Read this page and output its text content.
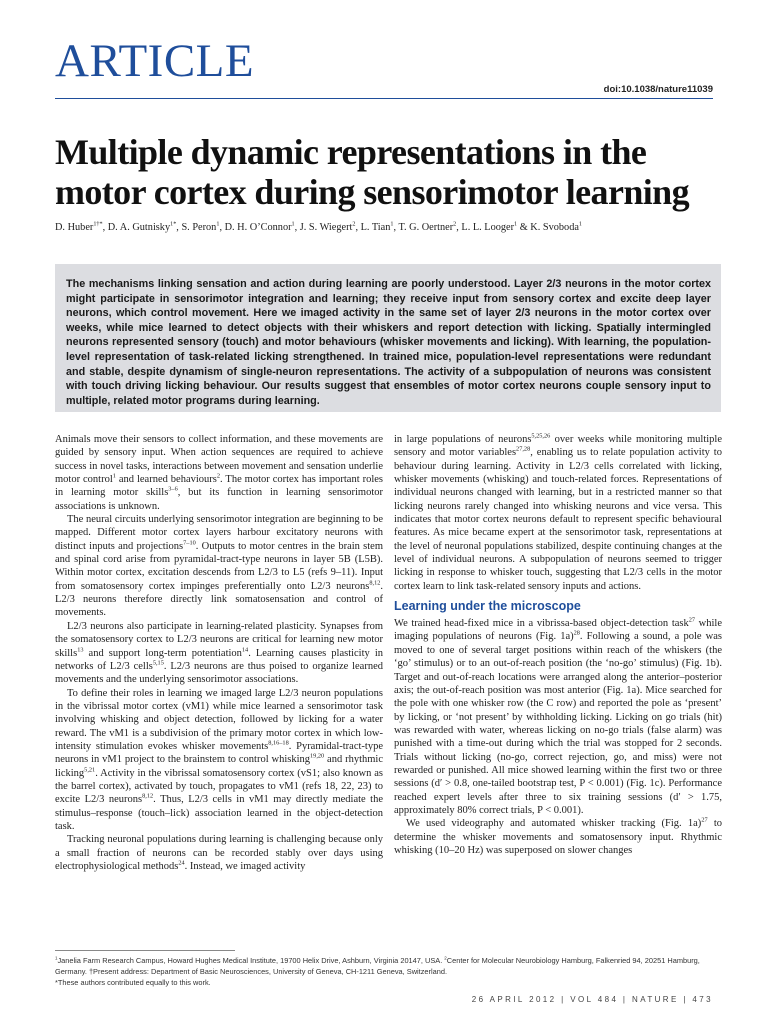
ARTICLE
doi:10.1038/nature11039
Multiple dynamic representations in the motor cortex during sensorimotor learning
D. Huber$^{1\dagger*}$, D. A. Gutnisky$^{1*}$, S. Peron$^1$, D. H. O’Connor$^1$, J. S. Wiegert$^2$, L. Tian$^1$, T. G. Oertner$^2$, L. L. Looger$^1$ & K. Svoboda$^1$
The mechanisms linking sensation and action during learning are poorly understood. Layer 2/3 neurons in the motor cortex might participate in sensorimotor integration and learning; they receive input from sensory cortex and excite deep layer neurons, which control movement. Here we imaged activity in the same set of layer 2/3 neurons in the motor cortex over weeks, while mice learned to detect objects with their whiskers and report detection with licking. Spatially intermingled neurons represented sensory (touch) and motor behaviours (whisker movements and licking). With learning, the population-level representation of task-related licking strengthened. In trained mice, population-level representations were redundant and stable, despite dynamism of single-neuron representations. The activity of a subpopulation of neurons was consistent with touch driving licking behaviour. Our results suggest that ensembles of motor cortex neurons couple sensory input to multiple, related motor programs during learning.

Animals move their sensors to collect information, and these movements are guided by sensory input. When action sequences are required to achieve success in novel tasks, interactions between movement and sensation underlie motor control$^1$ and learned behaviours$^2$. The motor cortex has important roles in learning motor skills$^{3-6}$, but its function in learning sensorimotor associations is unknown.

The neural circuits underlying sensorimotor integration are beginning to be mapped. Different motor cortex layers harbour excitatory neurons with distinct inputs and projections$^{7-10}$. Outputs to motor centres in the brain stem and spinal cord arise from pyramidal-tract-type neurons in layer 5B (L5B). Within motor cortex, excitation descends from L2/3 to L5 (refs 9–11). Input from somatosensory cortex impinges preferentially onto L2/3 neurons$^{8,12}$. L2/3 neurons therefore directly link somatosensation and control of movements.

L2/3 neurons also participate in learning-related plasticity. Synapses from the somatosensory cortex to L2/3 neurons are critical for learning new motor skills$^{13}$ and support long-term potentiation$^{14}$. Learning causes plasticity in networks of L2/3 cells$^{5,15}$. L2/3 neurons are thus poised to organize learned movements and the underlying sensorimotor associations.

To define their roles in learning we imaged large L2/3 neuron populations in the vibrissal motor cortex (vM1) while mice learned a sensorimotor task involving whisking and object detection, followed by licking for a water reward. The vM1 is a subdivision of the primary motor cortex in which low-intensity stimulation evokes whisker movements$^{8,16-18}$. Pyramidal-tract-type neurons in vM1 project to the brainstem to control whisking$^{19,20}$ and rhythmic licking$^{5,21}$. Activity in the vibrissal somatosensory cortex (vS1; also known as the barrel cortex), activated by touch, propagates to vM1 (refs 18, 22, 23) to excite L2/3 neurons$^{8,12}$. Thus, L2/3 cells in vM1 may directly mediate the stimulus–response (touch–lick) association learned in the object-detection task.

Tracking neuronal populations during learning is challenging because only a small fraction of neurons can be recorded stably over days using electrophysiological methods$^{24}$. Instead, we imaged activity

in large populations of neurons$^{5,25,26}$ over weeks while monitoring multiple sensory and motor variables$^{27,28}$, enabling us to relate population activity to behaviour during learning. Activity in L2/3 cells correlated with licking, whisker movements (whisking) and touch-related forces. Representations of individual neurons changed with learning, but in a restricted manner so that licking neurons rarely changed into whisking neurons and vice versa. This indicates that motor cortex neurons default to represent specific behavioural features. As mice became expert at the sensorimotor task, representations at the level of neuronal populations stabilized, despite continuing changes at the level of individual neurons. A subpopulation of neurons seemed to trigger licking in response to whisker touch, suggesting that L2/3 cells in the motor cortex learn to link task-related sensory inputs and actions.

Learning under the microscope

We trained head-fixed mice in a vibrissa-based object-detection task$^{27}$ while imaging populations of neurons (Fig. 1a)$^{28}$. Following a sound, a pole was moved to one of several target positions within reach of the whiskers (the ‘go’ stimulus) or to an out-of-reach position (the ‘no-go’ stimulus) (Fig. 1b). Target and out-of-reach locations were arranged along the anterior–posterior axis; the out-of-reach position was most anterior (Fig. 1a). Mice searched for the pole with one whisker row (the C row) and reported the pole as ‘present’ by licking, or ‘not present’ by withholding licking. Licking on go trials (hit) was rewarded with water, whereas licking on no-go trials (false alarm) was punished with a time-out during which the trial was stopped for 2 seconds. Trials without licking (no-go, correct rejection, go, and miss) were not rewarded or punished. All mice showed learning within the first two or three sessions (d′ > 0.8, one-tailed bootstrap test, P < 0.001) (Fig. 1c). Performance reached expert levels after three to six training sessions (d′ > 1.75, approximately 80% correct trials, P < 0.001).

We used videography and automated whisker tracking (Fig. 1a)$^{27}$ to determine the whisker movements and somatosensory input. Rhythmic whisking (10–20 Hz) was superposed on slower changes

$^1$Janelia Farm Research Campus, Howard Hughes Medical Institute, 19700 Helix Drive, Ashburn, Virginia 20147, USA. $^2$Center for Molecular Neurobiology Hamburg, Falkenried 94, 20251 Hamburg, Germany. †Present address: Department of Basic Neurosciences, University of Geneva, CH-1211 Geneva, Switzerland.

*These authors contributed equally to this work.

26 APRIL 2012 | VOL 484 | NATURE | 473
